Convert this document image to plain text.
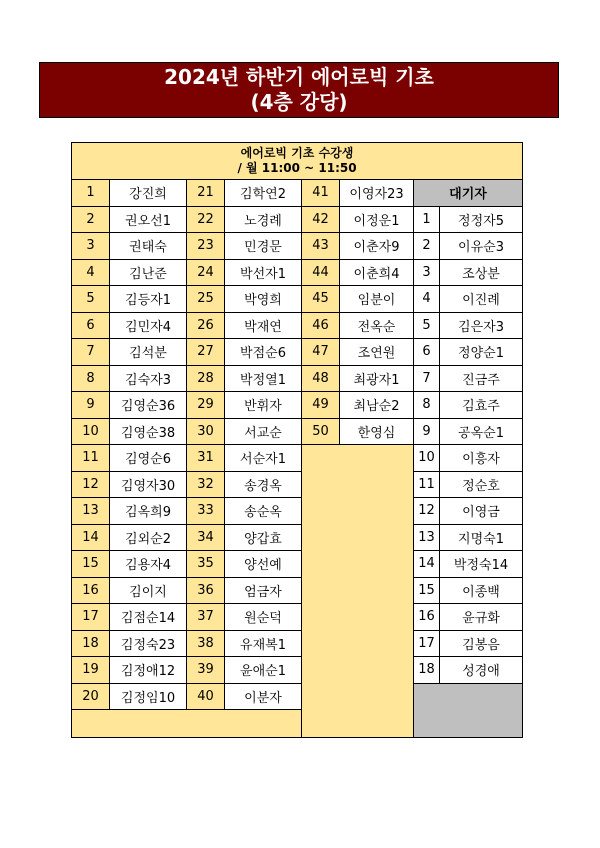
2024년 하반기 에어로빅 기초
(4층 강당)
에어로빅 기초 수강생
/ 월 11:00 ~ 11:50							

1	강진희	21	김학연2	41	이영자23	대기자	
2	권오선1	22	노경례	42	이정운1	1	정정자5
3	권태숙	23	민경문	43	이춘자9	2	이유순3
4	김난준	24	박선자1	44	이춘희4	3	조상분
5	김등자1	25	박영희	45	임분이	4	이진례
6	김민자4	26	박재연	46	전옥순	5	김은자3
7	김석분	27	박점순6	47	조연원	6	정양순1
8	김숙자3	28	박정열1	48	최광자1	7	진금주
9	김영순36	29	반휘자	49	최남순2	8	김효주
10	김영순38	30	서교순	50	한영심	9	공옥순1
11	김영순6	31	서순자1			10	이흥자
12	김영자30	32	송경옥			11	정순호
13	김옥희9	33	송순옥			12	이영금
14	김외순2	34	양갑효			13	지명숙1
15	김용자4	35	양선예			14	박정숙14
16	김이지	36	엄금자			15	이종백
17	김점순14	37	원순덕			16	윤규화
18	김정숙23	38	유재복1			17	김봉음
19	김정애12	39	윤애순1			18	성경애
20	김정임10	40	이분자				
